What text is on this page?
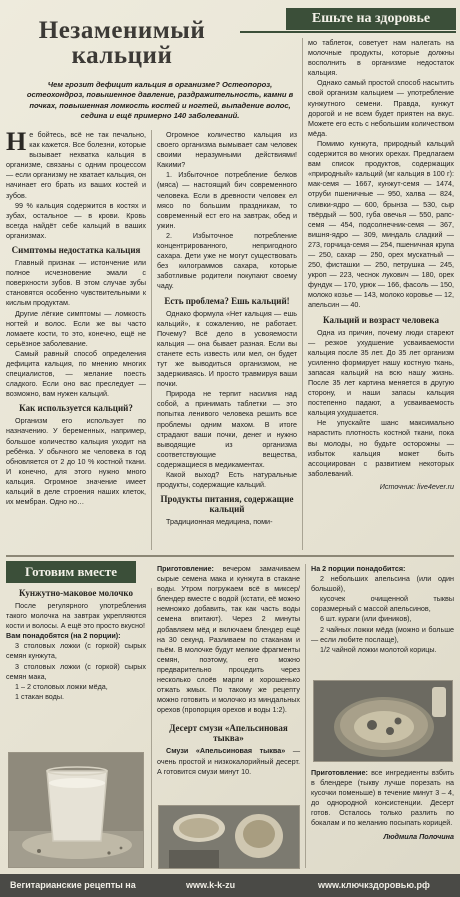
Незаменимый
кальций
Ешьте на здоровье
Чем грозит дефицит кальция в организме? Остеопороз, остеохондроз, повышенное давление, раздражительность, камни в почках, повышенная ломкость костей и ногтей, выпадение волос, седина и ещё примерно 140 заболеваний.

Не бойтесь, всё не так печально, как кажется. Все болезни, которые вызывает нехватка кальция в организме, связаны с одним процессом — если организму не хватает кальция, он начинает его брать из ваших костей и зубов.

99 % кальция содержится в костях и зубах, остальное — в крови. Кровь всегда найдёт себе кальций в ваших организмах.

Симптомы недостатка кальция

Главный признак — истончение или полное исчезновение эмали с поверхности зубов. В этом случае зубы становятся особенно чувствительными к кислым продуктам.

Другие лёгкие симптомы — ломкость ногтей и волос. Если же вы часто ломаете кости, то это, конечно, ещё не серьёзное заболевание.

Самый равный способ определения дефицита кальция, по мнению многих специалистов, — желание поесть сладкого. Если оно вас преследует — возможно, вам нужен кальций.

Как используется кальций?

Организм его использует по назначению. У беременных, например, большое количество кальция уходит на ребёнка. У обычного же человека в год обновляется от 2 до 10 % костной ткани. И конечно, для этого нужно много кальция. Огромное значение имеет кальций в деле строения наших клеток, их мембран. Одно но…

Огромное количество кальция из своего организма вымывает сам человек своими неразумными действиями! Какими?

1. Избыточное потребление белков (мяса) — настоящий бич современного человека. Если в древности человек ел мясо по большим праздникам, то современный ест его на завтрак, обед и ужин.

2. Избыточное потребление концентрированного, непригодного сахара. Дети уже не могут существовать без килограммов сахара, которые заботливые родители покупают своему чаду.

Есть проблема? Ешь кальций!

Однако формула «Нет кальция — ешь кальций», к сожалению, не работает. Почему? Всё дело в усвояемости кальция — она бывает разная. Если вы станете есть известь или мел, он будет тут же выводиться организмом, не задерживаясь. И просто травмируя ваши почки.

Природа не терпит насилия над собой, а принимать таблетки — это попытка ленивого человека решить все проблемы одним махом. В итоге страдают ваши почки, денег и нужно выводящие из организма соответствующие вещества, содержащиеся в медикаментах.

Какой выход? Есть натуральные продукты, содержащие кальций.

Продукты питания, содержащие кальций

Традиционная медицина, поми-

мо таблеток, советует нам налегать на молочные продукты, которые должны восполнить в организме недостаток кальция.

Однако самый простой способ насытить свой организм кальцием — употребление кунжутного семени. Правда, кунжут дорогой и не всем будет приятен на вкус. Можете его есть с небольшим количеством мёда.

Помимо кунжута, природный кальций содержится во многих орехах. Предлагаем вам список продуктов, содержащих «природный» кальций (мг кальция в 100 г): мак-семя — 1667, кунжут-семя — 1474, отруби пшеничные — 950, халва — 824, сливки-ядро — 600, брынза — 530, сыр твёрдый — 500, губа овечья — 550, рапс-семя — 454, подсолнечник-семя — 367, вишня-ядро — 309, миндаль сладкий — 273, горчица-семя — 254, пшеничная крупа — 250, сахар — 250, орех мускатный — 250, фисташки — 250, петрушка — 245, укроп — 223, чеснок лукович — 180, орех фундук — 170, урюк — 166, фасоль — 150, молоко козье — 143, молоко коровье — 12, апельсин — 40.

Кальций и возраст человека

Одна из причин, почему люди стареют — резкое ухудшение усваиваемости кальция после 35 лет. До 35 лет организм усиленно формирует нашу костную ткань, запасая кальций на всю нашу жизнь. После 35 лет картина меняется в другую сторону, и наши запасы кальция постепенно падают, а усваиваемость кальция ухудшается.

Не упускайте шанс максимально нарастить плотность костной ткани, пока вы молоды, но будьте осторожны — избыток кальция может быть ассоциирован с развитием некоторых заболеваний.

Источник: live4ever.ru
Готовим вместе
Кунжутно-маковое молочко

После регулярного употребления такого молочка на завтрак укрепляются кости и волосы. А ещё это просто вкусно!

Вам понадобятся (на 2 порции):

3 столовых ложки (с горкой) сырых семян кунжута,

3 столовых ложки (с горкой) сырых семян мака,

1 – 2 столовых ложки мёда,

1 стакан воды.

Приготовление: вечером замачиваем сырые семена мака и кунжута в стакане воды. Утром погружаем всё в миксер/блендер вместе с водой (кстати, её можно немножко добавить, так как часть воды семена впитают). Через 2 минуты добавляем мёд и включаем блендер ещё на 30 секунд. Разливаем по стаканам и пьём. В молочке будут мелкие фрагменты семян, поэтому, его можно предварительно процедить через несколько слоёв марли и хорошенько отжать жмых. По такому же рецепту можно готовить и молочко из миндальных орехов (пропорция орехов и воды 1:2).

Десерт смузи «Апельсиновая тыква»

Смузи «Апельсиновая тыква» — очень простой и низкокалорийный десерт. А готовится смузи минут 10.

На 2 порции понадобится:

2 небольших апельсина (или один большой),

кусочек очищенной тыквы соразмерный с массой апельсинов,

6 шт. кураги (или фиников),

2 чайных ложки мёда (можно и больше — если любите послаще),

1/2 чайной ложки молотой корицы.

Приготовление: все ингредиенты взбить в блендере (тыкву лучше порезать на кусочки поменьше) в течение минут 3 – 4, до однородной консистенции. Десерт готов. Осталось только разлить по бокалам и по желанию посыпать корицей.

Людмила Полочина
Вегитарианские рецепты на	www.k-k-zu	www.ключкздоровью.рф
